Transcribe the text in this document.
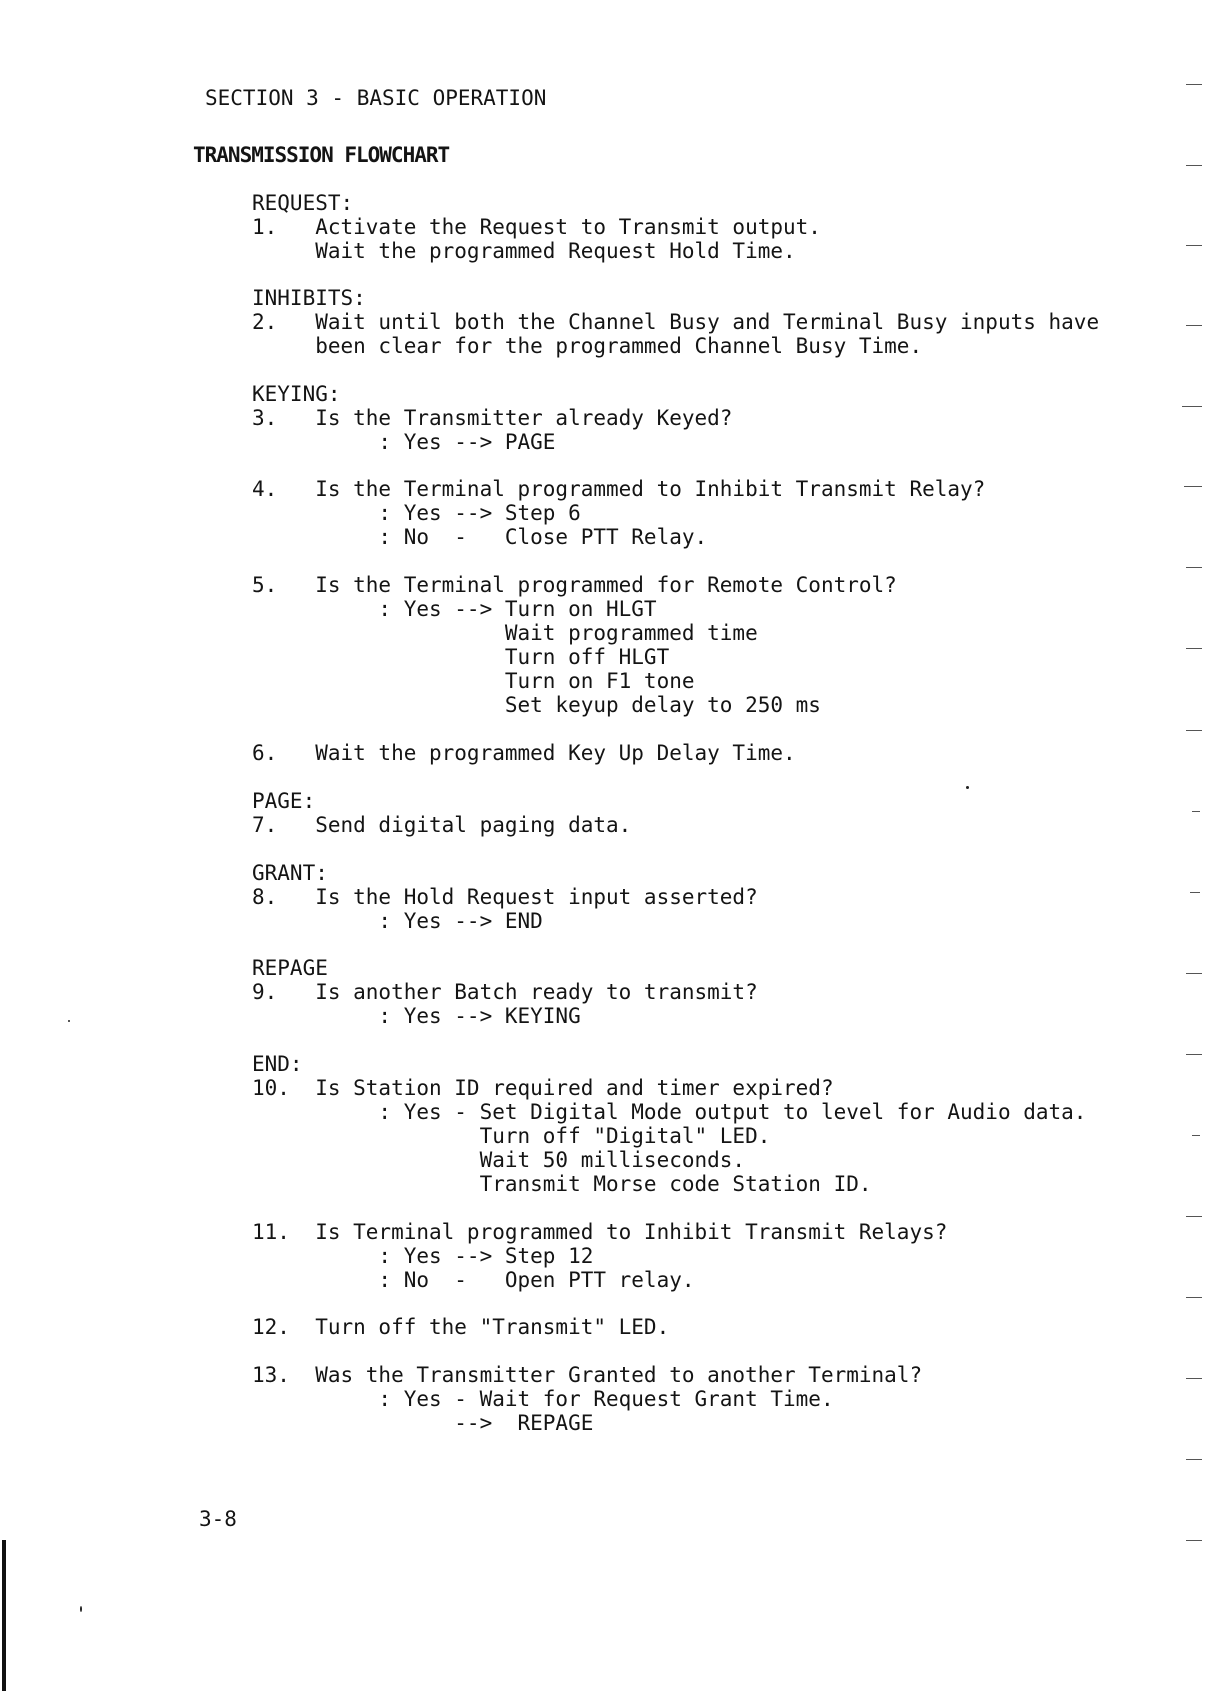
SECTION 3 - BASIC OPERATION
TRANSMISSION FLOWCHART
REQUEST:
1.   Activate the Request to Transmit output.
Wait the programmed Request Hold Time.
INHIBITS:
2.   Wait until both the Channel Busy and Terminal Busy inputs have
been clear for the programmed Channel Busy Time.
KEYING:
3.   Is the Transmitter already Keyed?
: Yes --> PAGE
4.   Is the Terminal programmed to Inhibit Transmit Relay?
: Yes --> Step 6
: No  -   Close PTT Relay.
5.   Is the Terminal programmed for Remote Control?
: Yes --> Turn on HLGT
Wait programmed time
Turn off HLGT
Turn on F1 tone
Set keyup delay to 250 ms
6.   Wait the programmed Key Up Delay Time.
PAGE:
7.   Send digital paging data.
GRANT:
8.   Is the Hold Request input asserted?
: Yes --> END
REPAGE
9.   Is another Batch ready to transmit?
: Yes --> KEYING
END:
10.  Is Station ID required and timer expired?
: Yes - Set Digital Mode output to level for Audio data.
Turn off "Digital" LED.
Wait 50 milliseconds.
Transmit Morse code Station ID.
11.  Is Terminal programmed to Inhibit Transmit Relays?
: Yes --> Step 12
: No  -   Open PTT relay.
12.  Turn off the "Transmit" LED.
13.  Was the Transmitter Granted to another Terminal?
: Yes - Wait for Request Grant Time.
-->  REPAGE
3-8
